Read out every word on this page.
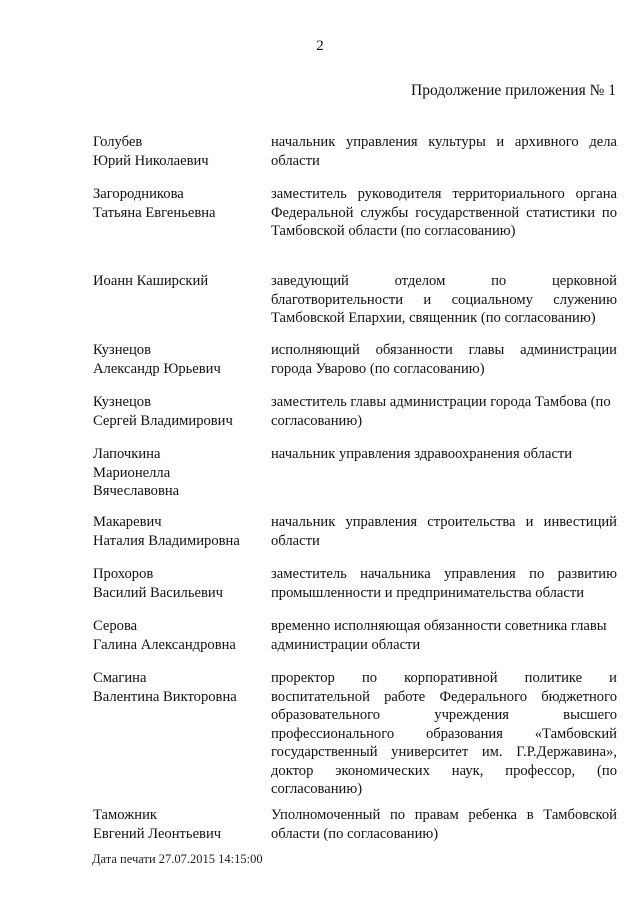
2
Продолжение приложения № 1
Голубев
Юрий Николаевич
начальник управления культуры и архивного дела области
Загородникова
Татьяна Евгеньевна
заместитель руководителя территориального органа Федеральной службы государственной статистики по Тамбовской области (по согласованию)
Иоанн Каширский	заведующий отделом по церковной благотворительности и социальному служению Тамбовской Епархии, священник (по согласованию)
Кузнецов
Александр Юрьевич
исполняющий обязанности главы администрации города Уварово (по согласованию)
Кузнецов
Сергей Владимирович
заместитель главы администрации города Тамбова (по согласованию)
Лапочкина
Марионелла
Вячеславовна
начальник управления здравоохранения области
Макаревич
Наталия Владимировна
начальник управления строительства и инвестиций области
Прохоров
Василий Васильевич
заместитель начальника управления по развитию промышленности и предпринимательства области
Серова
Галина Александровна
временно исполняющая обязанности советника главы администрации области
Смагина
Валентина Викторовна
проректор по корпоративной политике и воспитательной работе Федерального бюджетного образовательного учреждения высшего профессионального образования «Тамбовский государственный университет им. Г.Р.Державина», доктор экономических наук, профессор, (по согласованию)
Таможник
Евгений Леонтьевич
Уполномоченный по правам ребенка в Тамбовской области (по согласованию)
Дата печати 27.07.2015 14:15:00
